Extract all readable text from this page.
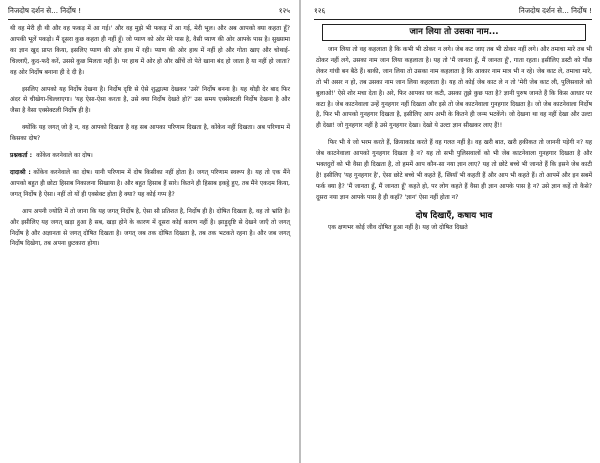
निजदोष दर्शन से... निर्दोष !	१२५

थी वह मेरी ही थी और वह फकड़ में आ गई।' और वह मुझे भी फकड़ में आ गई, मेरी भूल। और अब आपको क्या कहता हूँ? आपकी भूलें पकड़ो। मैं दूसरा कुछ कहता ही नहीं हूँ। जो प्याण को ओर मेरे पास है, वैसी प्याण की ओर आपके पास है। सुख्यामा का ज्ञान खुद प्राप्त किया, इसलिए प्याण की ओर हाथ में रही। प्याण की ओर हाथ में नहीं हो और गोता खाए और चोथाई-चिल्लाएँ, कुद-फदै करें, उससे कुछ मिलता नहीं है। पर हाथ में ओर हो और खींचें तो पेते खाना बंद हो जाता है या नहीं हो जाता? वह ओर निर्दोष बनाना ही दे दी है।

इसलिए आपको यह निर्दोष देखना है। निर्दोष दृष्टि से ऐसे शुद्धात्मा देखकर 'उसे' निर्दोष बनना है। यह थोड़ी देर बाद फिर अंदर से चीखेगा-चिल्लाएगा। 'यह ऐसा-ऐसा करता है, उसे क्या निर्दोष देखते हो?' उस समय एक्सेक्टली निर्दोष देखना है और जैसा है वैसा एक्सेक्टली निर्दोष ही है।

क्योंकि यह जगत् जो है न, वह आपको दिखता है वह सब आपका परिणाम दिखता है, कोंकेव नहीं दिखता। अब परिणाम में किसका दोष?

प्रश्नकर्ता : कोंकेव करनेवाले का दोष।

दादाश्री : कोंकेव करनेवाले का दोष। यानी परिणाम में दोष किसीका नहीं होता है। जगत् परिणाम स्वरूप है। यह तो एक मैंने आपको बहुत ही छोटा हिसाब निकालना सिखाया है। और बहुत हिसाब हैं सारे। कितने ही हिसाब इकट्ठे हुए, तब मैंने एकदम किया, जगत् निर्दोष है ऐसा। नहीं तो यों ही एक्सेक्ट होता है क्या? यह कोई गप्प है?

आप अपनी ज्योति में तो जाना कि यह जगत् निर्दोष है, ऐसा सौ प्रतिशत है, निर्दोष ही है। दोषित दिखता है, वह तो भ्रांति है। और इसीलिए यह जगत् खड़ा हुआ है सब, खड़ा होने के कारण में दूसरा कोई कारण नहीं है। झाड़ूदृष्टि से देखने जाएँ तो जगत् निर्दोष है और अज्ञानता से जगत् दोषित दिखता है। जगत् जब तक दोषित दिखता है, तब तक भटकते रहना है। और जब जगत् निर्दोष दिखेगा, तब अपना छुटकारा होगा।

१२६	निजदोष दर्शन से... निर्दोष !
जान लिया तो उसका नाम...

जान लिया तो वह कहलाता है कि कभी भी ठोकर न लगे। जेब कट जाए तब भी ठोकर नहीं लगे। और तमाचा मारे तब भी ठोकर नहीं लगे, उसका नाम जान लिया कहलाता है। यह तो 'मैं जानता हूँ, मैं जानता हूँ', गाता रहता। इसीलिए डस्टी को पौंछ लेकर गांधी बन बैठे हैं। बाकी, जान लिया तो उसका नाम कहलाता है कि आकार नाम मात्र भी न रहे। जेब काट ले, तमाचा मारे, तो भी असर न हो, तब उसका नाम जान लिया कहलाता है। यह तो कोई जेब काट ले न तो 'मेरी जेब काट ली, पुलिसवाले को बुलाओ!' ऐसे शोर मचा देता है। अरे, फिर आपका घर कटी, उसका तुझे कुछ पता है? ज्ञानी पुरुष जानते हैं कि किस आधार पर कटा है। जेब काटनेवाला उन्हें गुनहगार नहीं दिखता और इसे तो जेब काटनेवाला गुनहगार दिखता है। जो जेब काटनेवाला निर्दोष है, फिर भी आपको गुनहगार दिखता है, इसीलिए आप अभी के कितने ही जन्म भटकेंगे। जो देखना था वह नहीं देखा और उल्टा ही देखा! जो गुनहगार नहीं है उसे गुनहगार देखा। देखो ये उल्टा ज्ञान सीखकर लाए हैं!!

फिर भी ये जो भरम करते हैं, क्रियाकांड करते हैं वह गलत नहीं है। वह खरी बात, खरी हकीकत तो जाननी पड़ेगी न? यह जेब काटनेवाला आपको गुनहगार दिखता है न? यह तो सभी पुलिसवालों को भी जेब काटनेवाला गुनहगार दिखता है और भक्तदुरों को भी वैसा ही दिखता है, तो हममें आप कौन-सा नया ज्ञान लाए? यह तो छोटे बच्चे भी जानते हैं कि इसने जेब काटी है! इसीलिए 'यह गुनहगार है', ऐसा छोटे बच्चे भी कहते हैं, स्त्रियाँ भी कहती हैं और आप भी कहते हैं। तो आपमें और इन सबमें फर्क क्या है? 'मैं जानता हूँ, मैं जानता हूँ' कहते हो, पर लोग कहते हैं वैसा ही ज्ञान आपके पास है न? उसे ज्ञान कहें तो कैसे? दूसरा नया ज्ञान आपके पास है ही कहाँ? 'ज्ञान' ऐसा नहीं होता न?

दोष दिखाएँ, कषाय भाव

एक क्षणभर कोई जीव दोषित हुआ नहीं है। यह जो दोषित दिखते
